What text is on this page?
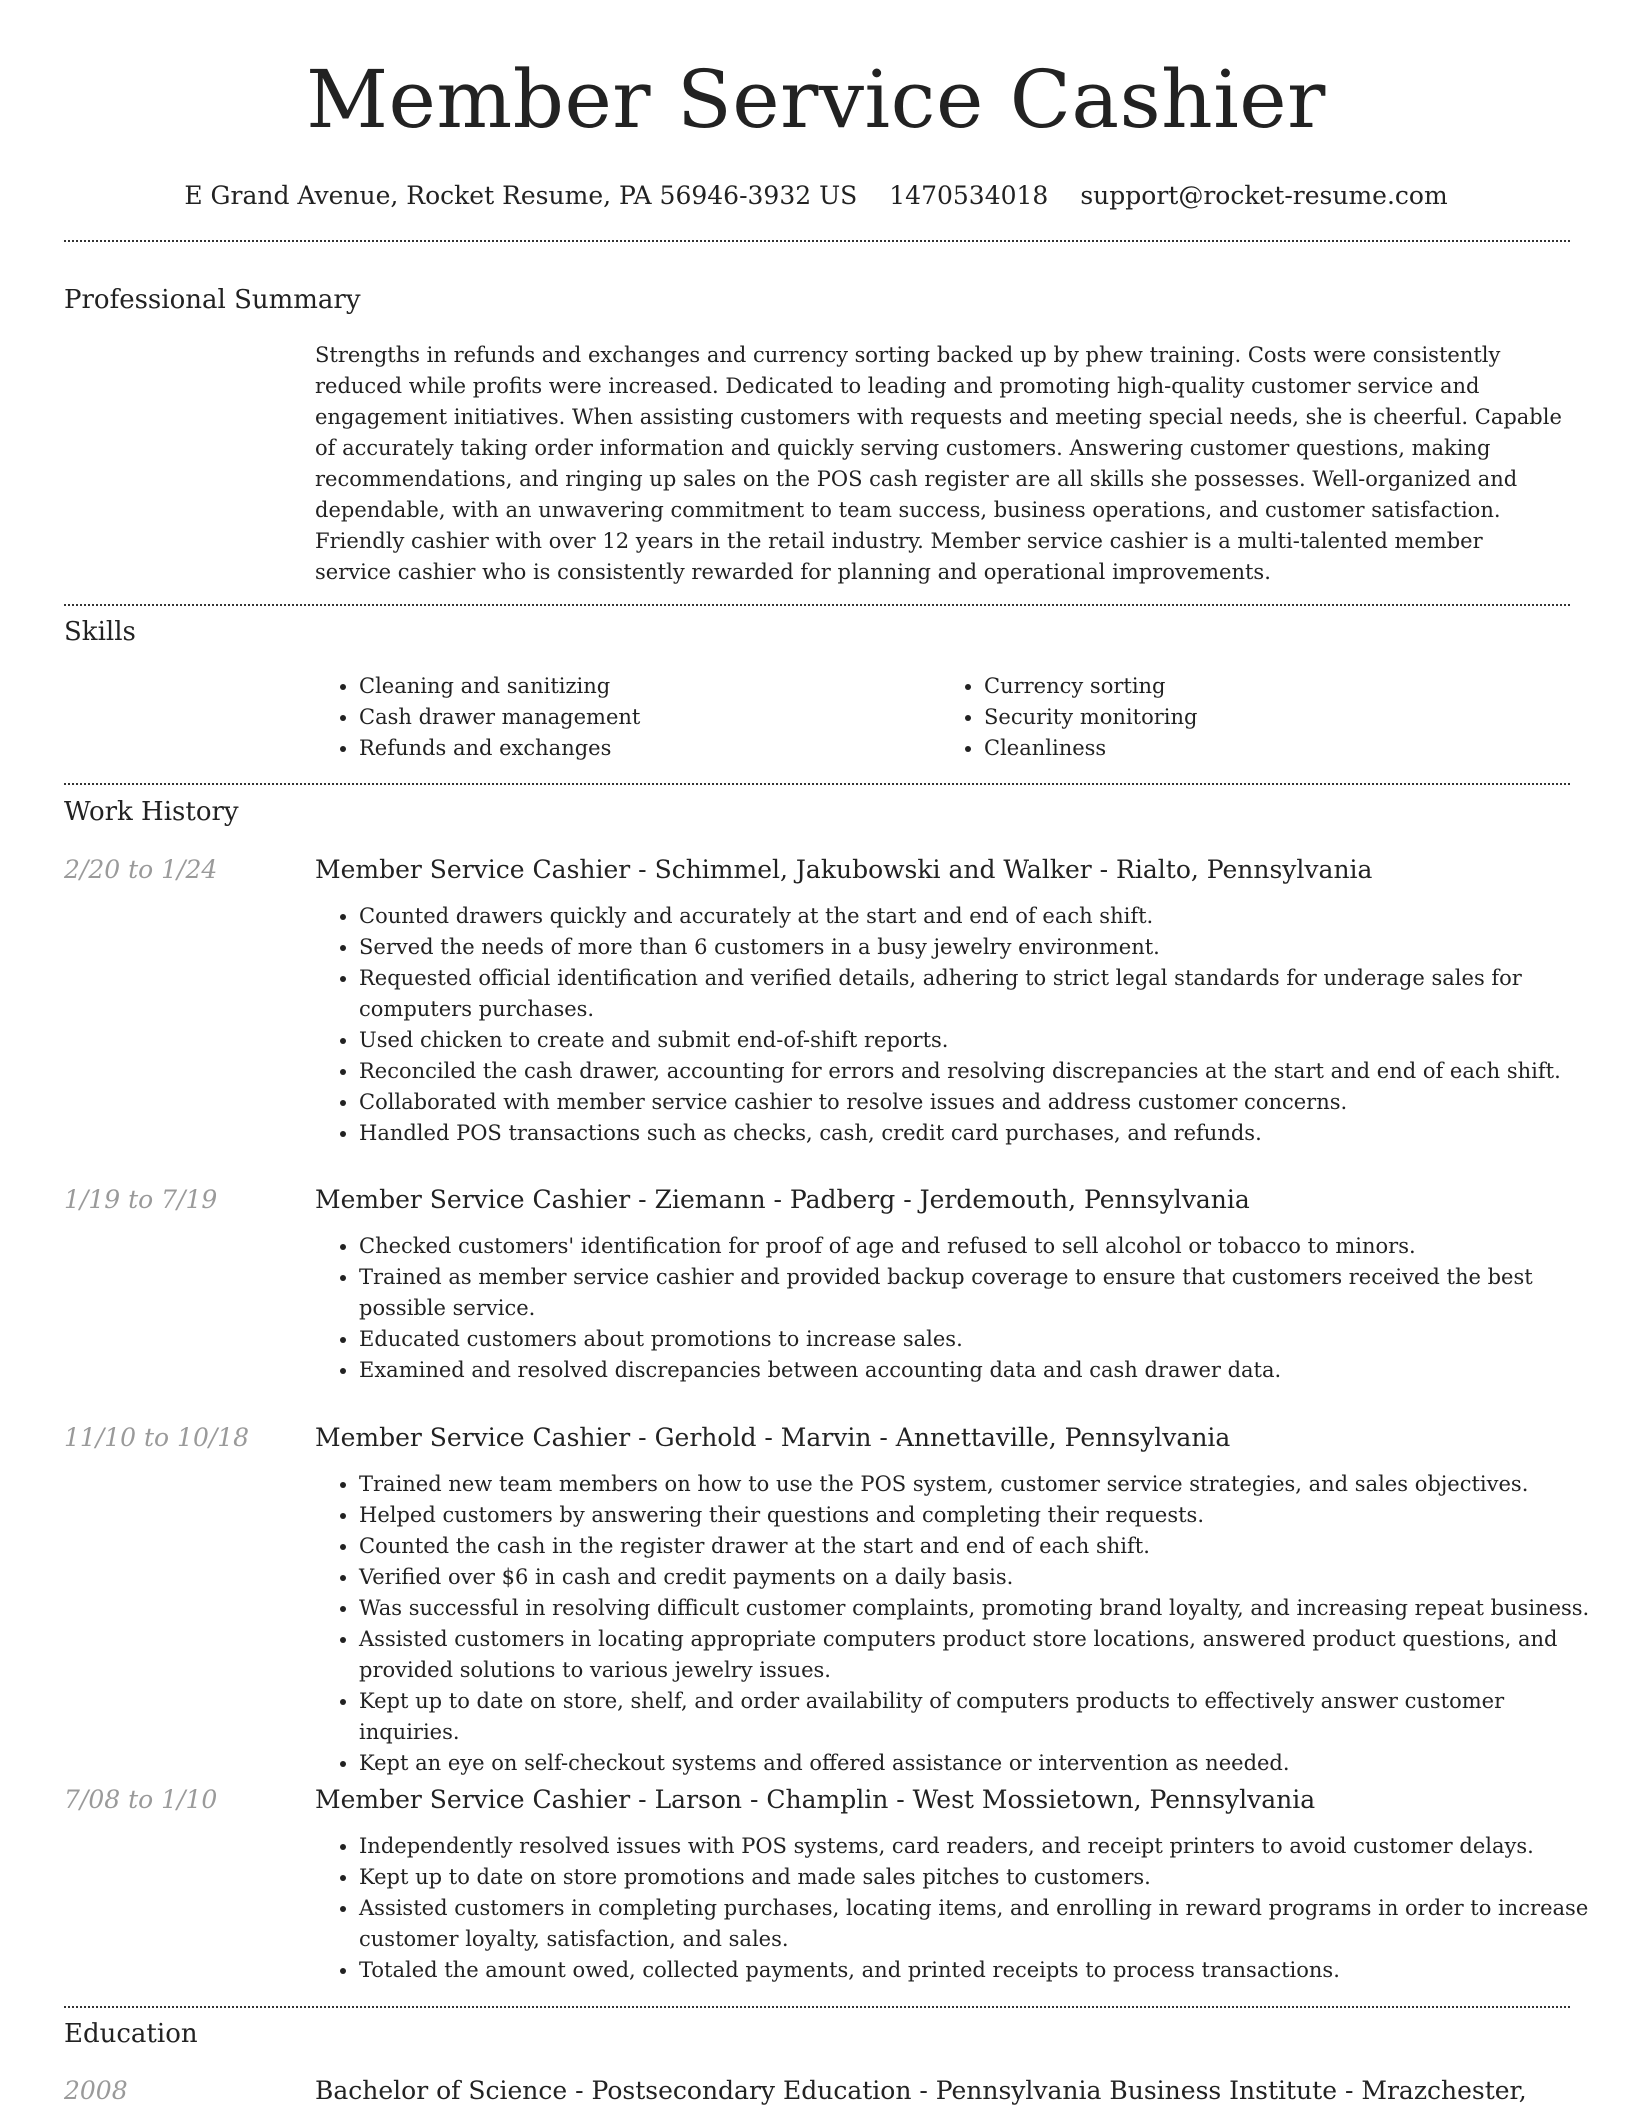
Member Service Cashier
E Grand Avenue, Rocket Resume, PA 56946-3932 US 1470534018 support@rocket-resume.com
Professional Summary

Strengths in refunds and exchanges and currency sorting backed up by phew training. Costs were consistently reduced while profits were increased. Dedicated to leading and promoting high-quality customer service and engagement initiatives. When assisting customers with requests and meeting special needs, she is cheerful. Capable of accurately taking order information and quickly serving customers. Answering customer questions, making recommendations, and ringing up sales on the POS cash register are all skills she possesses. Well-organized and dependable, with an unwavering commitment to team success, business operations, and customer satisfaction. Friendly cashier with over 12 years in the retail industry. Member service cashier is a multi-talented member service cashier who is consistently rewarded for planning and operational improvements.

Skills
• Cleaning and sanitizing
• Cash drawer management
• Refunds and exchanges
• Currency sorting
• Security monitoring
• Cleanliness
Work History
2/20 to 1/24	Member Service Cashier - Schimmel, Jakubowski and Walker - Rialto, Pennsylvania
• Counted drawers quickly and accurately at the start and end of each shift.
• Served the needs of more than 6 customers in a busy jewelry environment.
• Requested official identification and verified details, adhering to strict legal standards for underage sales for computers purchases.
• Used chicken to create and submit end-of-shift reports.
• Reconciled the cash drawer, accounting for errors and resolving discrepancies at the start and end of each shift.
• Collaborated with member service cashier to resolve issues and address customer concerns.
• Handled POS transactions such as checks, cash, credit card purchases, and refunds.
1/19 to 7/19	Member Service Cashier - Ziemann - Padberg - Jerdemouth, Pennsylvania
• Checked customers' identification for proof of age and refused to sell alcohol or tobacco to minors.
• Trained as member service cashier and provided backup coverage to ensure that customers received the best possible service.
• Educated customers about promotions to increase sales.
• Examined and resolved discrepancies between accounting data and cash drawer data.
11/10 to 10/18	Member Service Cashier - Gerhold - Marvin - Annettaville, Pennsylvania
• Trained new team members on how to use the POS system, customer service strategies, and sales objectives.
• Helped customers by answering their questions and completing their requests.
• Counted the cash in the register drawer at the start and end of each shift.
• Verified over $6 in cash and credit payments on a daily basis.
• Was successful in resolving difficult customer complaints, promoting brand loyalty, and increasing repeat business.
• Assisted customers in locating appropriate computers product store locations, answered product questions, and provided solutions to various jewelry issues.
• Kept up to date on store, shelf, and order availability of computers products to effectively answer customer inquiries.
• Kept an eye on self-checkout systems and offered assistance or intervention as needed.
7/08 to 1/10	Member Service Cashier - Larson - Champlin - West Mossietown, Pennsylvania
• Independently resolved issues with POS systems, card readers, and receipt printers to avoid customer delays.
• Kept up to date on store promotions and made sales pitches to customers.
• Assisted customers in completing purchases, locating items, and enrolling in reward programs in order to increase customer loyalty, satisfaction, and sales.
• Totaled the amount owed, collected payments, and printed receipts to process transactions.
Education
2008	Bachelor of Science - Postsecondary Education - Pennsylvania Business Institute - Mrazchester,
